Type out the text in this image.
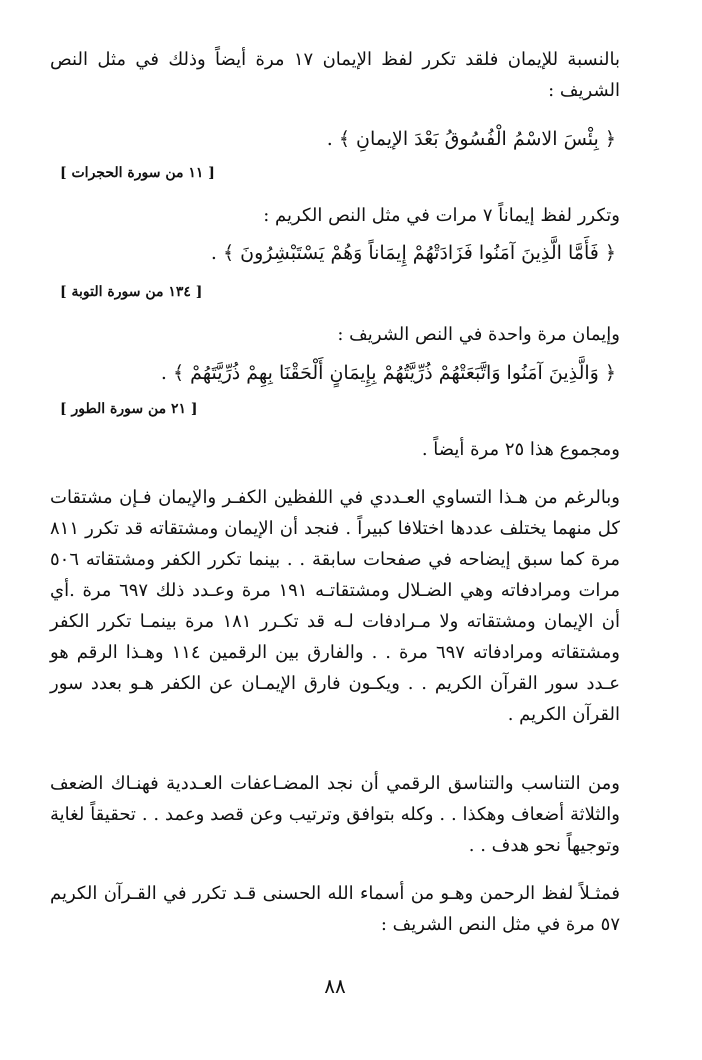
بالنسبة للإيمان فلقد تكرر لفظ الإيمان ١٧ مرة أيضاً وذلك في مثل النص الشريف :

﴿ بِئْسَ الاسْمُ الْفُسُوقُ بَعْدَ الإيمانِ ﴾ .

[ ١١ من سورة الحجرات ]

وتكرر لفظ إيماناً ٧ مرات في مثل النص الكريم :

﴿ فَأَمَّا الَّذِينَ آمَنُوا فَزَادَتْهُمْ إِيمَاناً وَهُمْ يَسْتَبْشِرُونَ ﴾ .

[ ١٣٤ من سورة التوبة ]

وإيمان مرة واحدة في النص الشريف :

﴿ وَالَّذِينَ آمَنُوا وَاتَّبَعَتْهُمْ ذُرِّيَّتُهُمْ بِإِيمَانٍ أَلْحَقْنَا بِهِمْ ذُرِّيَّتَهُمْ ﴾ .

[ ٢١ من سورة الطور ]

ومجموع هذا ٢٥ مرة أيضاً .

وبالرغم من هـذا التساوي العـددي في اللفظين الكفـر والإيمان فـإن مشتقات كل منهما يختلف عددها اختلافا كبيراً . فنجد أن الإيمان ومشتقاته قد تكرر ٨١١ مرة كما سبق إيضاحه في صفحات سابقة . . بينما تكرر الكفر ومشتقاته ٥٠٦ مرات ومرادفاته وهي الضـلال ومشتقاتـه ١٩١ مرة وعـدد ذلك ٦٩٧ مرة .أي أن الإيمان ومشتقاته ولا مـرادفات لـه قد تكـرر ١٨١ مرة بينمـا تكرر الكفر ومشتقاته ومرادفاته ٦٩٧ مرة . . والفارق بين الرقمين ١١٤ وهـذا الرقم هو عـدد سور القرآن الكريم . . ويكـون فارق الإيمـان عن الكفر هـو بعدد سور القرآن الكريم .

ومن التناسب والتناسق الرقمي أن نجد المضـاعفات العـددية فهنـاك الضعف والثلاثة أضعاف وهكذا . . وكله بتوافق وترتيب وعن قصد وعمد . . تحقيقاً لغاية وتوجيهاً نحو هدف . .

فمثـلاً لفظ الرحمن وهـو من أسماء الله الحسنى قـد تكرر في القـرآن الكريم ٥٧ مرة في مثل النص الشريف :

٨٨
